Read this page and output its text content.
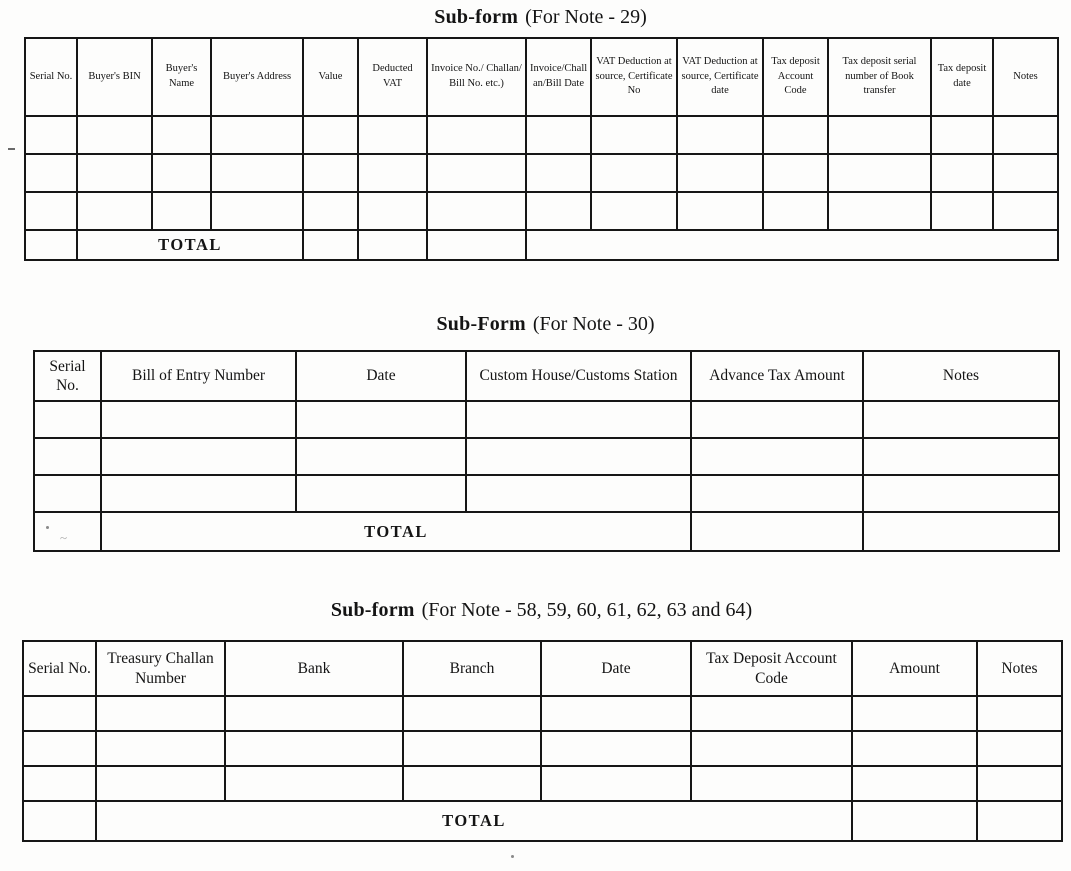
Sub-form (For Note - 29)
Serial No.	Buyer's BIN	Buyer's Name	Buyer's Address	Value	Deducted VAT	Invoice No./ Challan/ Bill No. etc.)	Invoice/Chall an/Bill Date	VAT Deduction at source, Certificate No	VAT Deduction at source, Certificate date	Tax deposit Account Code	Tax deposit serial number of Book transfer	Tax deposit date	Notes

	TOTAL												
Sub-Form (For Note - 30)
Serial No.	Bill of Entry Number	Date	Custom House/Customs Station	Advance Tax Amount	Notes

	TOTAL				
Sub-form (For Note - 58, 59, 60, 61, 62, 63 and 64)
Serial No.	Treasury Challan Number	Bank	Branch	Date	Tax Deposit Account Code	Amount	Notes

	TOTAL						
~
